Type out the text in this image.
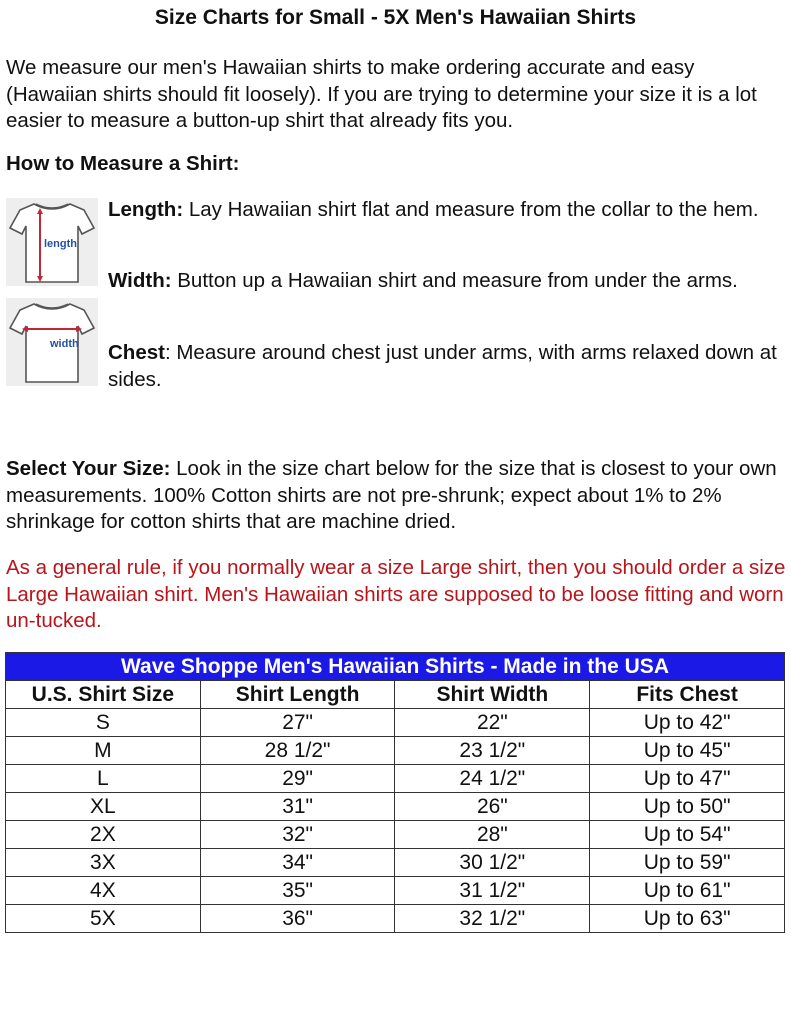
Size Charts for Small - 5X Men's Hawaiian Shirts
We measure our men's Hawaiian shirts to make ordering accurate and easy (Hawaiian shirts should fit loosely). If you are trying to determine your size it is a lot easier to measure a button-up shirt that already fits you.
How to Measure a Shirt:
length
width
Length: Lay Hawaiian shirt flat and measure from the collar to the hem.
Width: Button up a Hawaiian shirt and measure from under the arms.
Chest: Measure around chest just under arms, with arms relaxed down at sides.
Select Your Size: Look in the size chart below for the size that is closest to your own measurements. 100% Cotton shirts are not pre-shrunk; expect about 1% to 2% shrinkage for cotton shirts that are machine dried.
As a general rule, if you normally wear a size Large shirt, then you should order a size Large Hawaiian shirt. Men's Hawaiian shirts are supposed to be loose fitting and worn un-tucked.
Wave Shoppe Men's Hawaiian Shirts - Made in the USA			
U.S. Shirt Size	Shirt Length	Shirt Width	Fits Chest
S	27"	22"	Up to 42"
M	28 1/2"	23 1/2"	Up to 45"
L	29"	24 1/2"	Up to 47"
XL	31"	26"	Up to 50"
2X	32"	28"	Up to 54"
3X	34"	30 1/2"	Up to 59"
4X	35"	31 1/2"	Up to 61"
5X	36"	32 1/2"	Up to 63"
